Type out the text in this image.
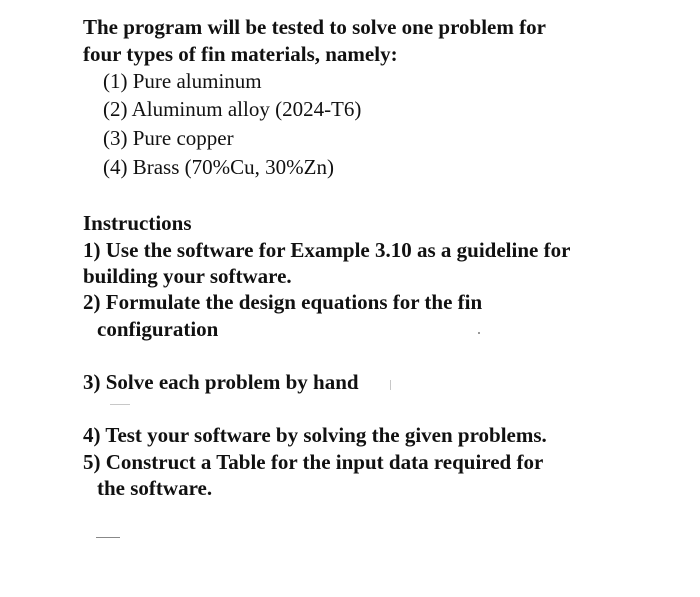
The program will be tested to solve one problem for
four types of fin materials, namely:
(1) Pure aluminum
(2) Aluminum alloy (2024-T6)
(3) Pure copper
(4) Brass (70%Cu, 30%Zn)
Instructions
1) Use the software for Example 3.10 as a guideline for
building your software.
2) Formulate the design equations for the fin
configuration
3) Solve each problem by hand
4) Test your software by solving the given problems.
5) Construct a Table for the input data required for
the software.
